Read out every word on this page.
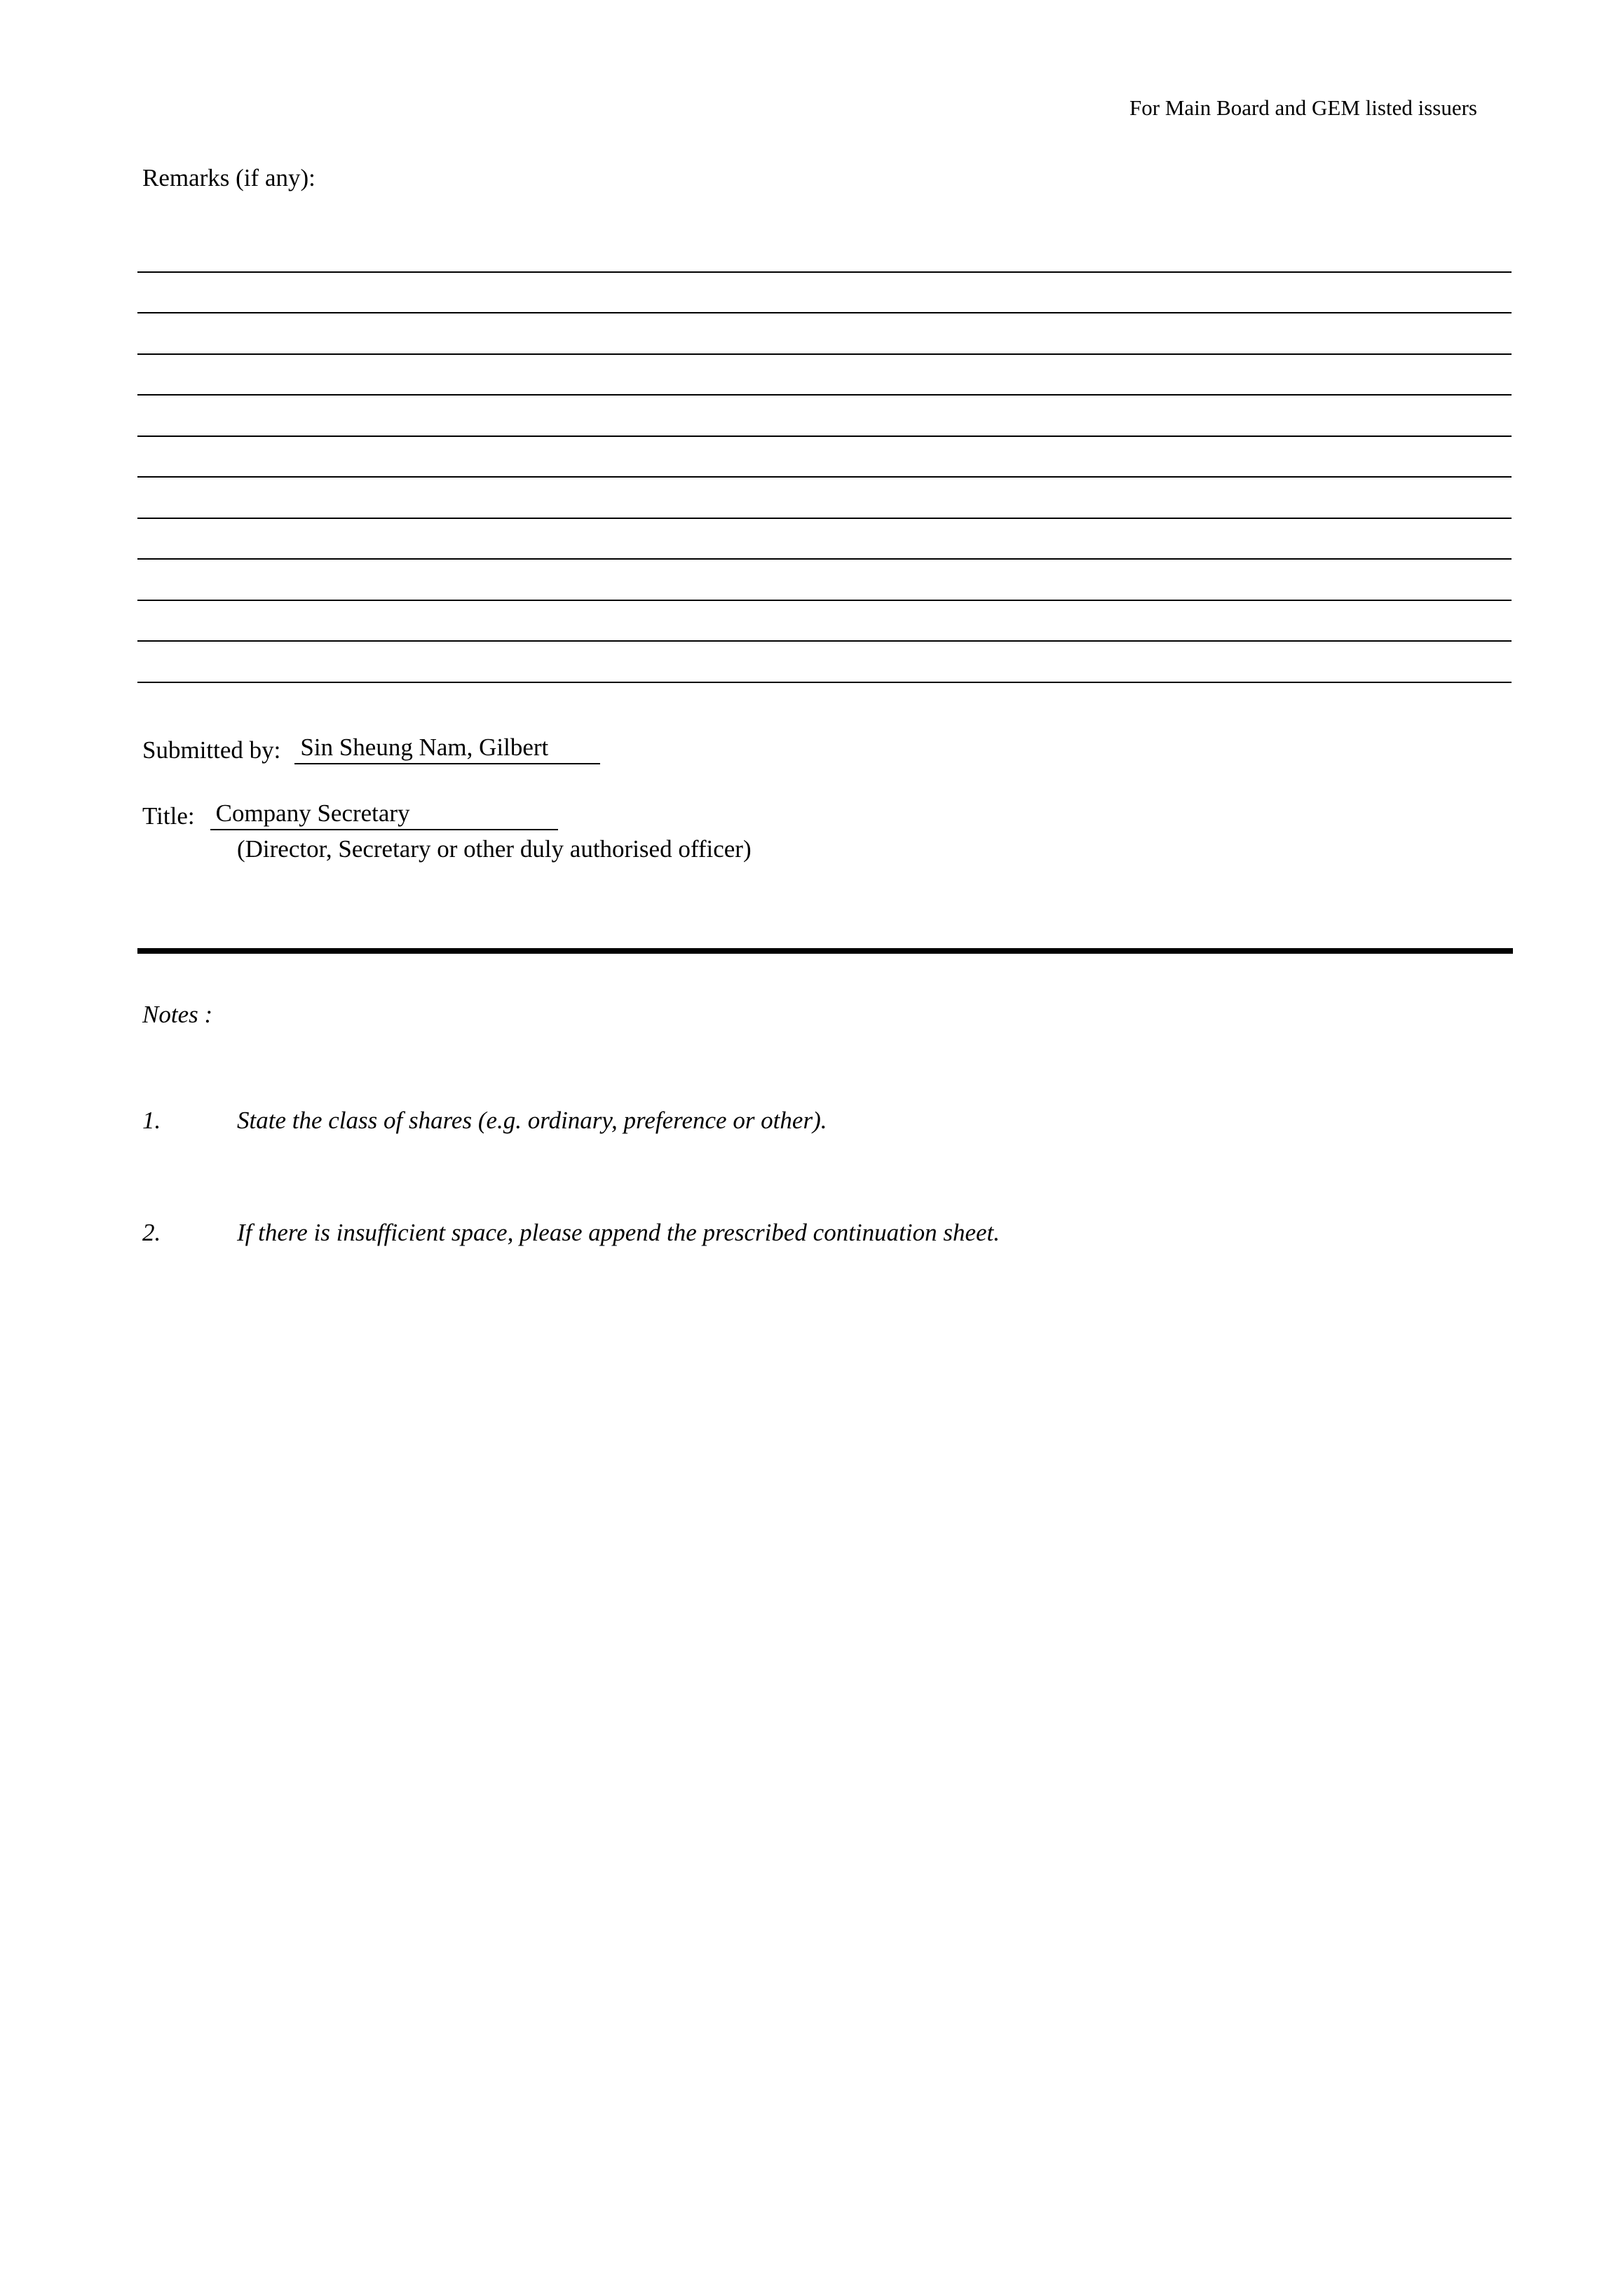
For Main Board and GEM listed issuers
Remarks (if any):
Submitted by: Sin Sheung Nam, Gilbert
Title: Company Secretary
(Director, Secretary or other duly authorised officer)
Notes :
1.	State the class of shares (e.g. ordinary, preference or other).
2.	If there is insufficient space, please append the prescribed continuation sheet.
